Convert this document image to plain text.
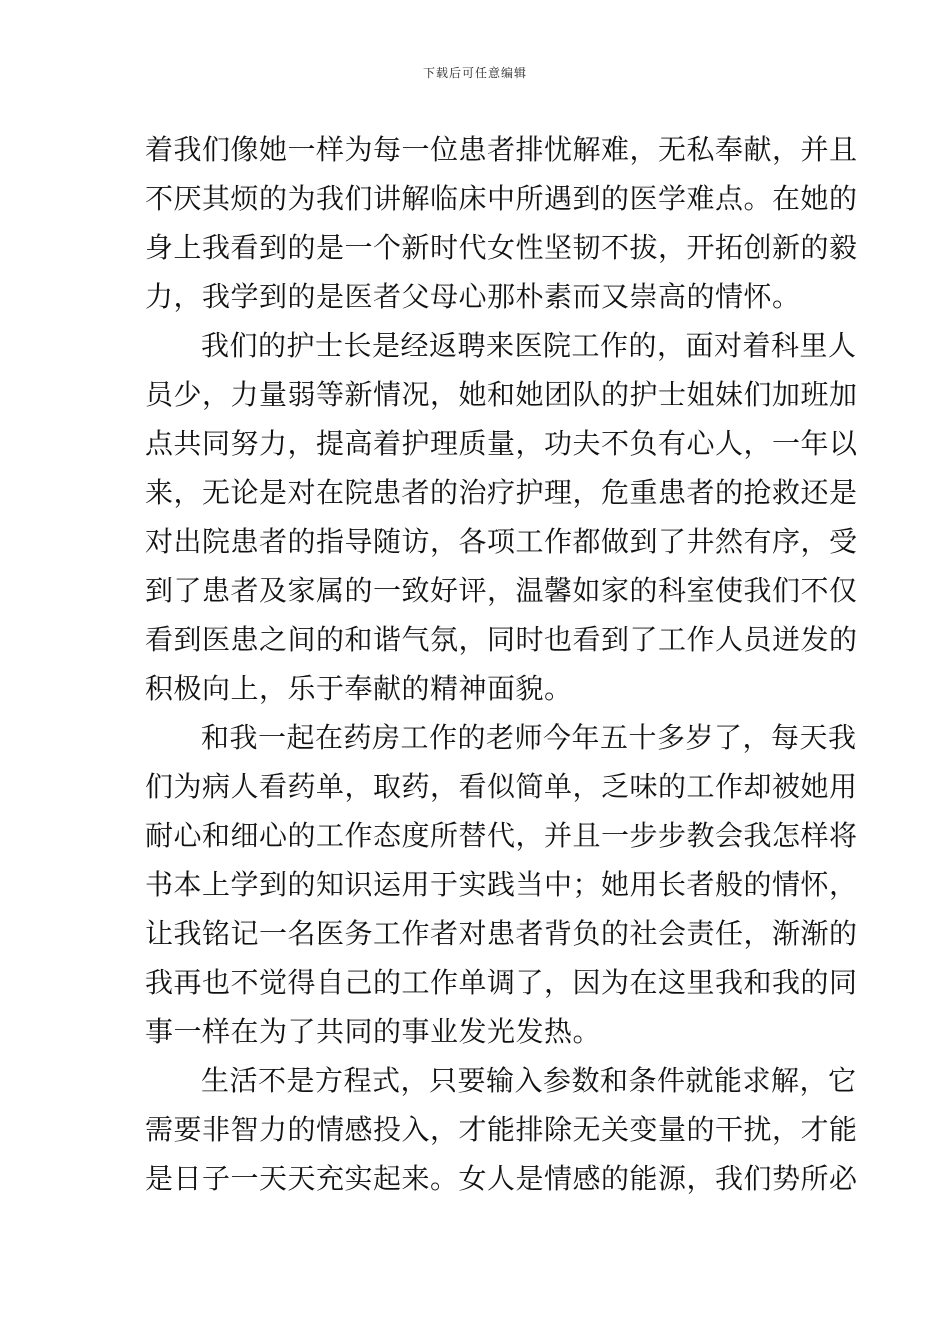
下载后可任意编辑
着我们像她一样为每一位患者排忧解难，无私奉献，并且
不厌其烦的为我们讲解临床中所遇到的医学难点。在她的
身上我看到的是一个新时代女性坚韧不拔，开拓创新的毅
力，我学到的是医者父母心那朴素而又崇高的情怀。
我们的护士长是经返聘来医院工作的，面对着科里人
员少，力量弱等新情况，她和她团队的护士姐妹们加班加
点共同努力，提高着护理质量，功夫不负有心人，一年以
来，无论是对在院患者的治疗护理，危重患者的抢救还是
对出院患者的指导随访，各项工作都做到了井然有序，受
到了患者及家属的一致好评，温馨如家的科室使我们不仅
看到医患之间的和谐气氛，同时也看到了工作人员迸发的
积极向上，乐于奉献的精神面貌。
和我一起在药房工作的老师今年五十多岁了，每天我
们为病人看药单，取药，看似简单，乏味的工作却被她用
耐心和细心的工作态度所替代，并且一步步教会我怎样将
书本上学到的知识运用于实践当中；她用长者般的情怀，
让我铭记一名医务工作者对患者背负的社会责任，渐渐的
我再也不觉得自己的工作单调了，因为在这里我和我的同
事一样在为了共同的事业发光发热。
生活不是方程式，只要输入参数和条件就能求解，它
需要非智力的情感投入，才能排除无关变量的干扰，才能
是日子一天天充实起来。女人是情感的能源，我们势所必
